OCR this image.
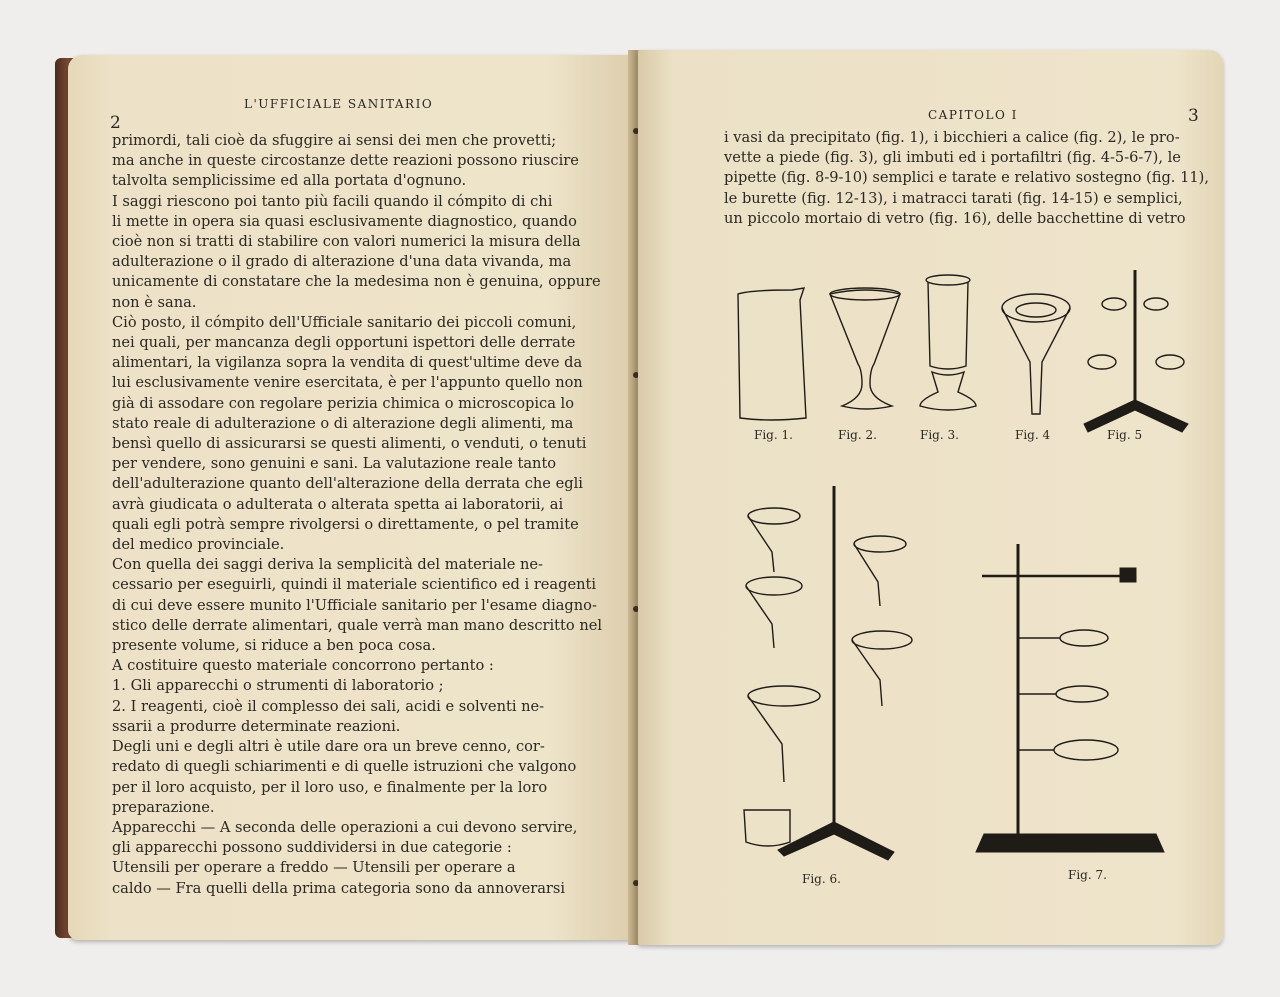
2
L'UFFICIALE SANITARIO
primordi, tali cioè da sfuggire ai sensi dei men che provetti;
ma anche in queste circostanze dette reazioni possono riuscire
talvolta semplicissime ed alla portata d'ognuno.
I saggi riescono poi tanto più facili quando il cómpito di chi
li mette in opera sia quasi esclusivamente diagnostico, quando
cioè non si tratti di stabilire con valori numerici la misura della
adulterazione o il grado di alterazione d'una data vivanda, ma
unicamente di constatare che la medesima non è genuina, oppure
non è sana.
Ciò posto, il cómpito dell'Ufficiale sanitario dei piccoli comuni,
nei quali, per mancanza degli opportuni ispettori delle derrate
alimentari, la vigilanza sopra la vendita di quest'ultime deve da
lui esclusivamente venire esercitata, è per l'appunto quello non
già di assodare con regolare perizia chimica o microscopica lo
stato reale di adulterazione o di alterazione degli alimenti, ma
bensì quello di assicurarsi se questi alimenti, o venduti, o tenuti
per vendere, sono genuini e sani. La valutazione reale tanto
dell'adulterazione quanto dell'alterazione della derrata che egli
avrà giudicata o adulterata o alterata spetta ai laboratorii, ai
quali egli potrà sempre rivolgersi o direttamente, o pel tramite
del medico provinciale.
Con quella dei saggi deriva la semplicità del materiale ne-
cessario per eseguirli, quindi il materiale scientifico ed i reagenti
di cui deve essere munito l'Ufficiale sanitario per l'esame diagno-
stico delle derrate alimentari, quale verrà man mano descritto nel
presente volume, si riduce a ben poca cosa.
A costituire questo materiale concorrono pertanto :
1. Gli apparecchi o strumenti di laboratorio ;
2. I reagenti, cioè il complesso dei sali, acidi e solventi ne-
ssarii a produrre determinate reazioni.
Degli uni e degli altri è utile dare ora un breve cenno, cor-
redato di quegli schiarimenti e di quelle istruzioni che valgono
per il loro acquisto, per il loro uso, e finalmente per la loro
preparazione.
Apparecchi — A seconda delle operazioni a cui devono servire,
gli apparecchi possono suddividersi in due categorie :
Utensili per operare a freddo — Utensili per operare a
caldo — Fra quelli della prima categoria sono da annoverarsi
CAPITOLO I	3
i vasi da precipitato (fig. 1), i bicchieri a calice (fig. 2), le pro-
vette a piede (fig. 3), gli imbuti ed i portafiltri (fig. 4-5-6-7), le
pipette (fig. 8-9-10) semplici e tarate e relativo sostegno (fig. 11),
le burette (fig. 12-13), i matracci tarati (fig. 14-15) e semplici,
un piccolo mortaio di vetro (fig. 16), delle bacchettine di vetro
Fig. 1.	Fig. 2.	Fig. 3.	Fig. 4	Fig. 5
Fig. 6.	Fig. 7.
